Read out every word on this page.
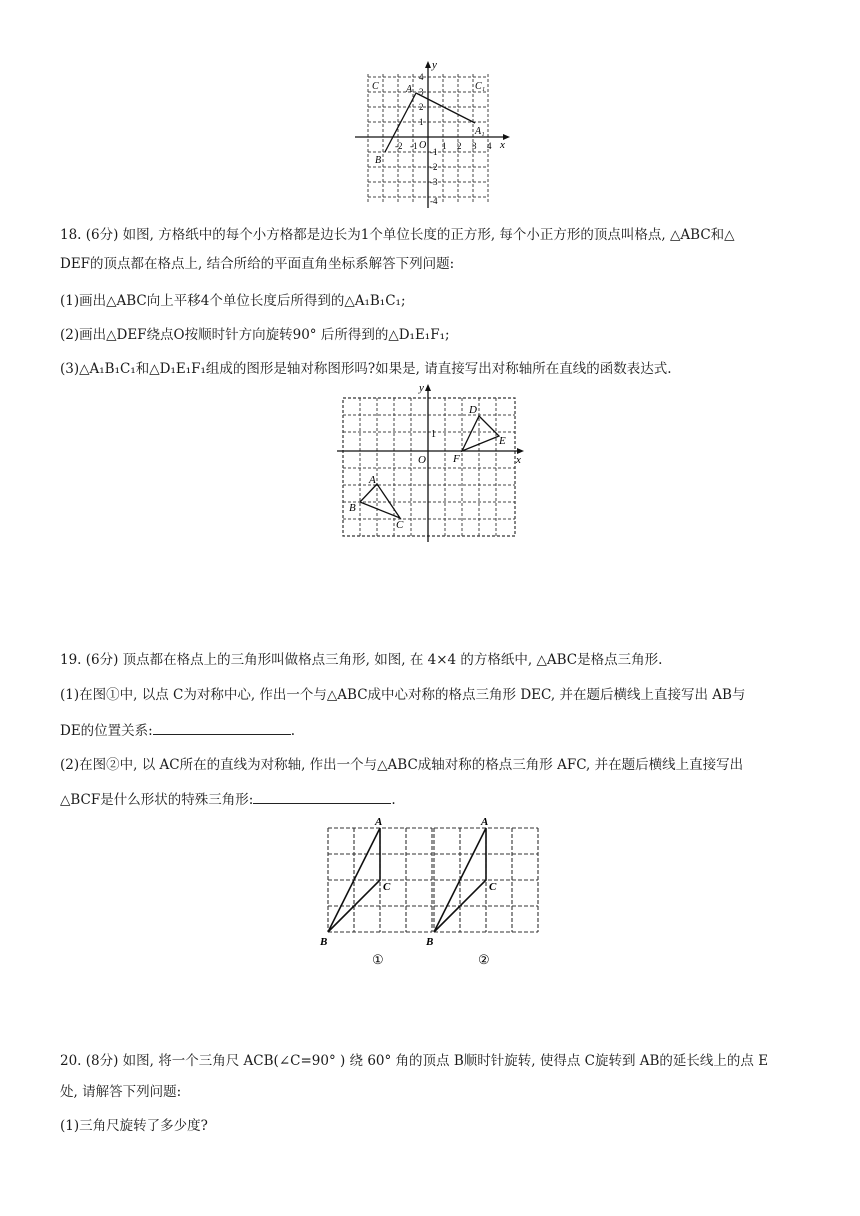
y
x
O
-2 -1	1 2 3 4
4
3
2
1
-1
-2
-3
-4
C	A	C₁
A₁
B
18. (6分) 如图, 方格纸中的每个小方格都是边长为1个单位长度的正方形, 每个小正方形的顶点叫格点, △ABC和△
DEF的顶点都在格点上, 结合所给的平面直角坐标系解答下列问题:
(1)画出△ABC向上平移4个单位长度后所得到的△A₁B₁C₁;
(2)画出△DEF绕点O按顺时针方向旋转90° 后所得到的△D₁E₁F₁;
(3)△A₁B₁C₁和△D₁E₁F₁组成的图形是轴对称图形吗?如果是, 请直接写出对称轴所在直线的函数表达式.
y
x
O
1
D
E
F
A
B
C
19. (6分) 顶点都在格点上的三角形叫做格点三角形, 如图, 在 4×4 的方格纸中, △ABC是格点三角形.
(1)在图①中, 以点 C为对称中心, 作出一个与△ABC成中心对称的格点三角形 DEC, 并在题后横线上直接写出 AB与
DE的位置关系:	.
(2)在图②中, 以 AC所在的直线为对称轴, 作出一个与△ABC成轴对称的格点三角形 AFC, 并在题后横线上直接写出
△BCF是什么形状的特殊三角形:	.
A
C
B
①
A
C
B
②
20. (8分) 如图, 将一个三角尺 ACB(∠C=90° ) 绕 60° 角的顶点 B顺时针旋转, 使得点 C旋转到 AB的延长线上的点 E
处, 请解答下列问题:
(1)三角尺旋转了多少度?
